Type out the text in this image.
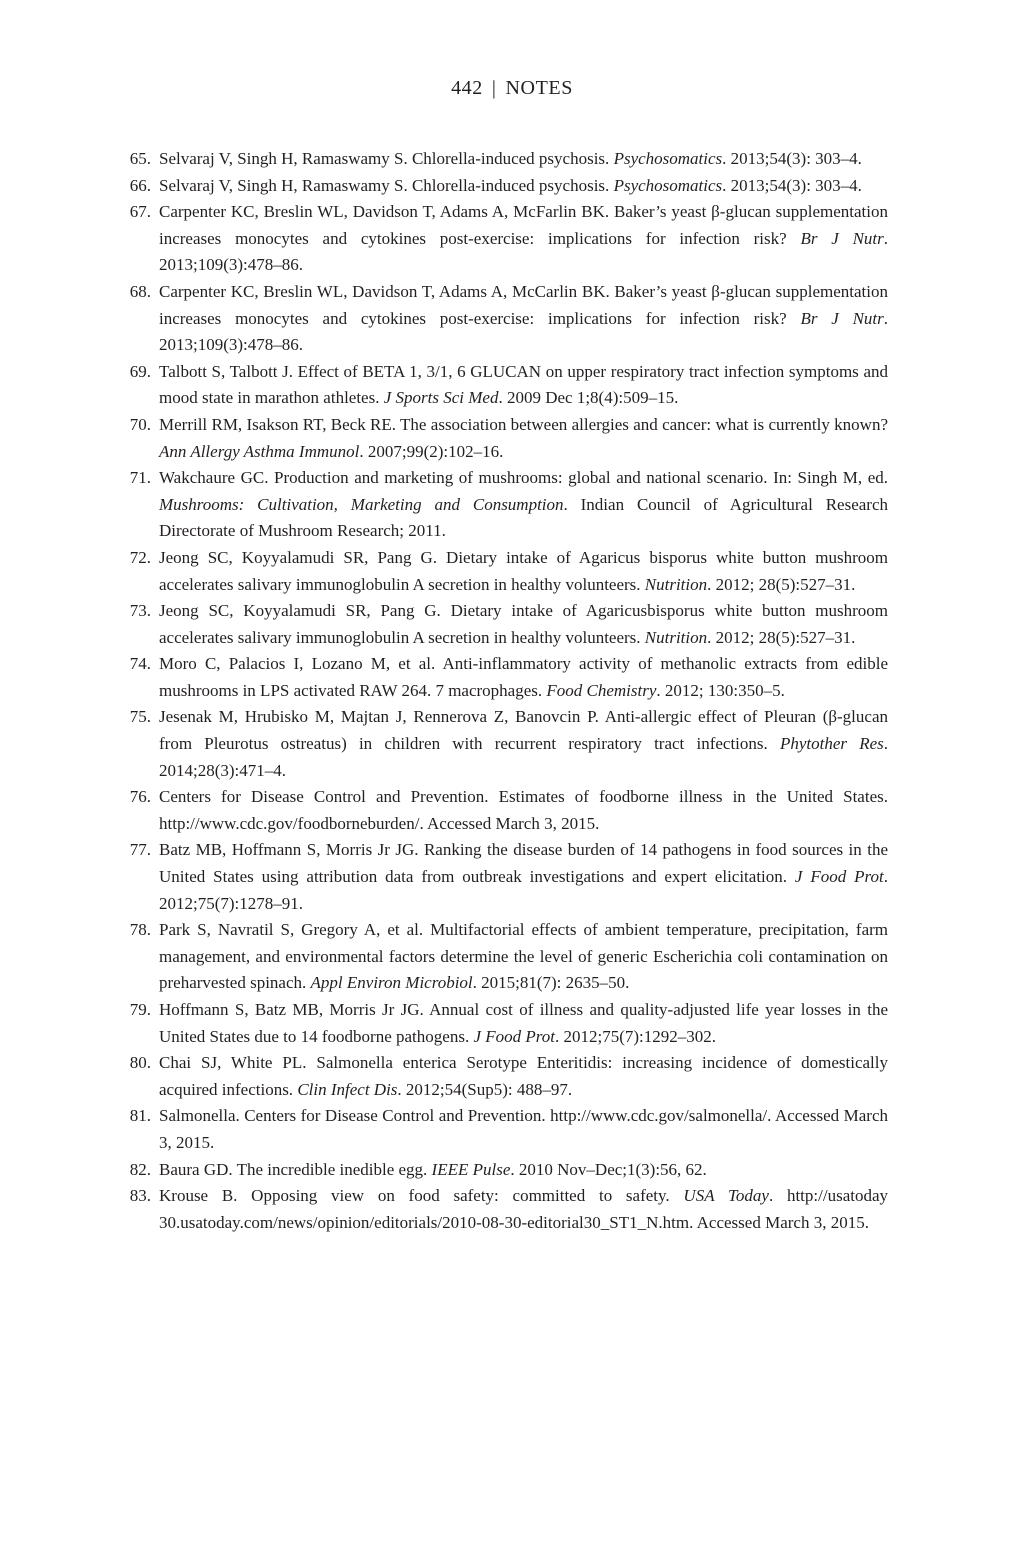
442 | NOTES
65. Selvaraj V, Singh H, Ramaswamy S. Chlorella-induced psychosis. Psychosomatics. 2013;54(3): 303–4.
66. Selvaraj V, Singh H, Ramaswamy S. Chlorella-induced psychosis. Psychosomatics. 2013;54(3): 303–4.
67. Carpenter KC, Breslin WL, Davidson T, Adams A, McFarlin BK. Baker’s yeast β-glucan supplementation increases monocytes and cytokines post-exercise: implications for infection risk? Br J Nutr. 2013;109(3):478–86.
68. Carpenter KC, Breslin WL, Davidson T, Adams A, McCarlin BK. Baker’s yeast β-glucan supplementation increases monocytes and cytokines post-exercise: implications for infection risk? Br J Nutr. 2013;109(3):478–86.
69. Talbott S, Talbott J. Effect of BETA 1, 3/1, 6 GLUCAN on upper respiratory tract infection symptoms and mood state in marathon athletes. J Sports Sci Med. 2009 Dec 1;8(4):509–15.
70. Merrill RM, Isakson RT, Beck RE. The association between allergies and cancer: what is currently known? Ann Allergy Asthma Immunol. 2007;99(2):102–16.
71. Wakchaure GC. Production and marketing of mushrooms: global and national scenario. In: Singh M, ed. Mushrooms: Cultivation, Marketing and Consumption. Indian Council of Agricultural Research Directorate of Mushroom Research; 2011.
72. Jeong SC, Koyyalamudi SR, Pang G. Dietary intake of Agaricus bisporus white button mushroom accelerates salivary immunoglobulin A secretion in healthy volunteers. Nutrition. 2012; 28(5):527–31.
73. Jeong SC, Koyyalamudi SR, Pang G. Dietary intake of Agaricusbisporus white button mushroom accelerates salivary immunoglobulin A secretion in healthy volunteers. Nutrition. 2012; 28(5):527–31.
74. Moro C, Palacios I, Lozano M, et al. Anti-inflammatory activity of methanolic extracts from edible mushrooms in LPS activated RAW 264. 7 macrophages. Food Chemistry. 2012; 130:350–5.
75. Jesenak M, Hrubisko M, Majtan J, Rennerova Z, Banovcin P. Anti-allergic effect of Pleuran (β-glucan from Pleurotus ostreatus) in children with recurrent respiratory tract infections. Phytother Res. 2014;28(3):471–4.
76. Centers for Disease Control and Prevention. Estimates of foodborne illness in the United States. http://www.cdc.gov/foodborneburden/. Accessed March 3, 2015.
77. Batz MB, Hoffmann S, Morris Jr JG. Ranking the disease burden of 14 pathogens in food sources in the United States using attribution data from outbreak investigations and expert elicitation. J Food Prot. 2012;75(7):1278–91.
78. Park S, Navratil S, Gregory A, et al. Multifactorial effects of ambient temperature, precipitation, farm management, and environmental factors determine the level of generic Escherichia coli contamination on preharvested spinach. Appl Environ Microbiol. 2015;81(7): 2635–50.
79. Hoffmann S, Batz MB, Morris Jr JG. Annual cost of illness and quality-adjusted life year losses in the United States due to 14 foodborne pathogens. J Food Prot. 2012;75(7):1292–302.
80. Chai SJ, White PL. Salmonella enterica Serotype Enteritidis: increasing incidence of domestically acquired infections. Clin Infect Dis. 2012;54(Sup5): 488–97.
81. Salmonella. Centers for Disease Control and Prevention. http://www.cdc.gov/salmonella/. Accessed March 3, 2015.
82. Baura GD. The incredible inedible egg. IEEE Pulse. 2010 Nov–Dec;1(3):56, 62.
83. Krouse B. Opposing view on food safety: committed to safety. USA Today. http://usatoday 30.usatoday.com/news/opinion/editorials/2010-08-30-editorial30_ST1_N.htm. Accessed March 3, 2015.
